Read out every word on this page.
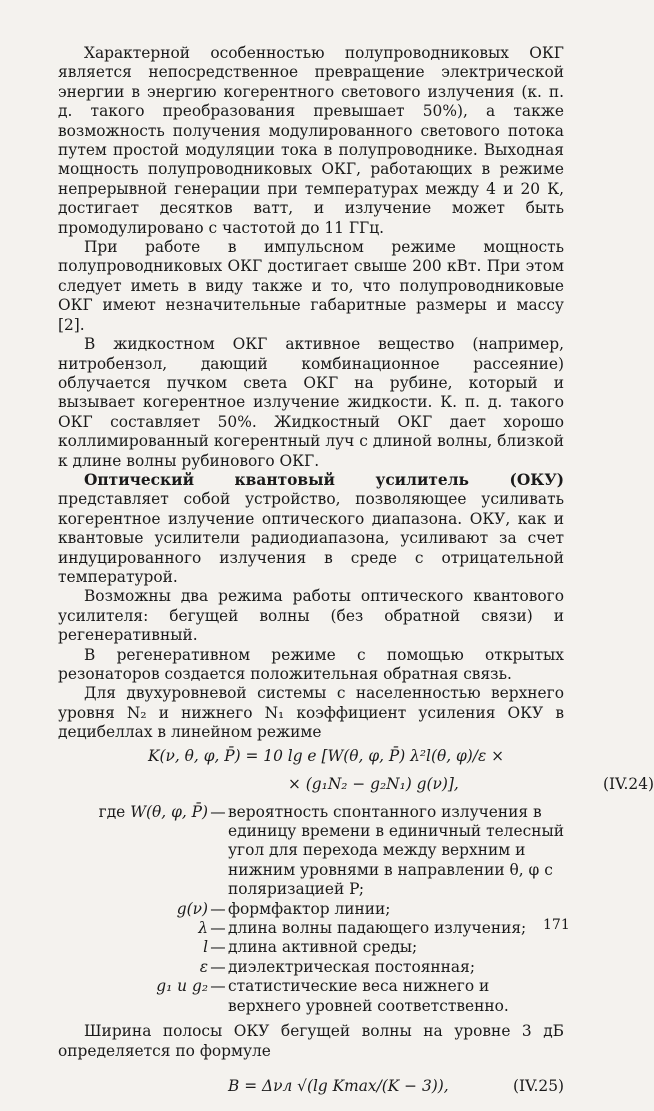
Характерной особенностью полупроводниковых ОКГ является непосредственное превращение электрической энергии в энергию когерентного светового излучения (к. п. д. такого преобразования превышает 50%), а также возможность получения модулированного светового потока путем простой модуляции тока в полупроводнике. Выходная мощность полупроводниковых ОКГ, работающих в режиме непрерывной генерации при температурах между 4 и 20 К, достигает десятков ватт, и излучение может быть промодулировано с частотой до 11 ГГц.

При работе в импульсном режиме мощность полупроводниковых ОКГ достигает свыше 200 кВт. При этом следует иметь в виду также и то, что полупроводниковые ОКГ имеют незначительные габаритные размеры и массу [2].

В жидкостном ОКГ активное вещество (например, нитробензол, дающий комбинационное рассеяние) облучается пучком света ОКГ на рубине, который и вызывает когерентное излучение жидкости. К. п. д. такого ОКГ составляет 50%. Жидкостный ОКГ дает хорошо коллимированный когерентный луч с длиной волны, близкой к длине волны рубинового ОКГ.

Оптический квантовый усилитель (ОКУ) представляет собой устройство, позволяющее усиливать когерентное излучение оптического диапазона. ОКУ, как и квантовые усилители радиодиапазона, усиливают за счет индуцированного излучения в среде с отрицательной температурой.

Возможны два режима работы оптического квантового усилителя: бегущей волны (без обратной связи) и регенеративный.

В регенеративном режиме с помощью открытых резонаторов создается положительная обратная связь.

Для двухуровневой системы с населенностью верхнего уровня N₂ и нижнего N₁ коэффициент усиления ОКУ в децибеллах в линейном режиме

K(ν, θ, φ, P̄) = 10 lg e [W(θ, φ, P̄) λ²l(θ, φ)/ε ×
× (g₁N₂ − g₂N₁) g(ν)],	(IV.24)
где W(θ, φ, P̄) — вероятность спонтанного излучения в единицу времени в единичный телесный угол для перехода между верхним и нижним уровнями в направлении θ, φ с поляризацией P;
g(ν) — формфактор линии;
λ — длина волны падающего излучения;
l — длина активной среды;
ε — диэлектрическая постоянная;
g₁ и g₂ — статистические веса нижнего и верхнего уровней соответственно.

Ширина полосы ОКУ бегущей волны на уровне 3 дБ определяется по формуле

B = Δνл √(lg Kmax/(K − 3)),	(IV.25)
171
